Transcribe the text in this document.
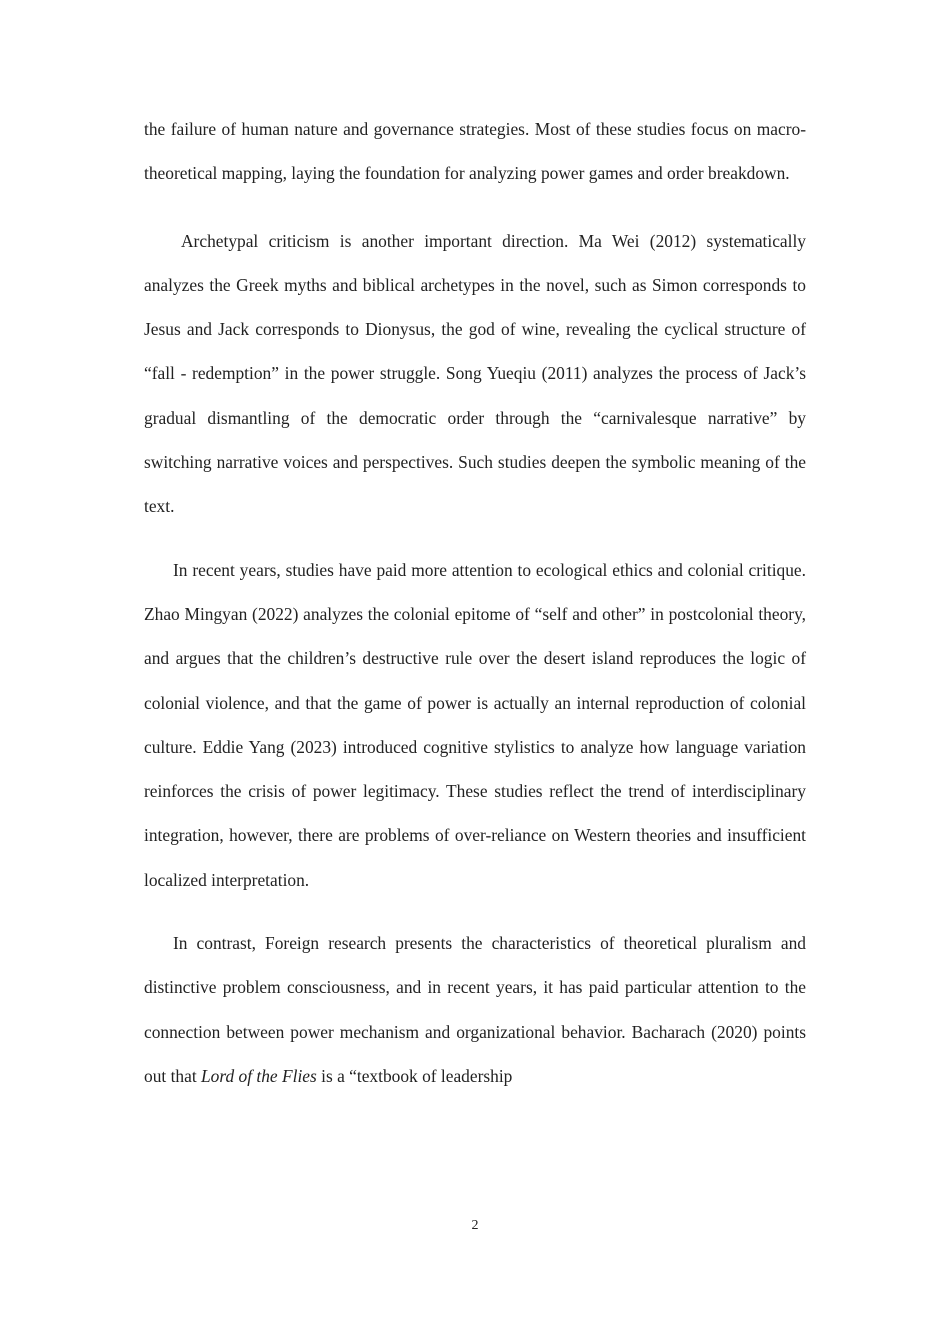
the failure of human nature and governance strategies. Most of these studies focus on macro-theoretical mapping, laying the foundation for analyzing power games and order breakdown.

Archetypal criticism is another important direction. Ma Wei (2012) systematically analyzes the Greek myths and biblical archetypes in the novel, such as Simon corresponds to Jesus and Jack corresponds to Dionysus, the god of wine, revealing the cyclical structure of “fall - redemption” in the power struggle. Song Yueqiu (2011) analyzes the process of Jack’s gradual dismantling of the democratic order through the “carnivalesque narrative” by switching narrative voices and perspectives. Such studies deepen the symbolic meaning of the text.

In recent years, studies have paid more attention to ecological ethics and colonial critique. Zhao Mingyan (2022) analyzes the colonial epitome of “self and other” in postcolonial theory, and argues that the children’s destructive rule over the desert island reproduces the logic of colonial violence, and that the game of power is actually an internal reproduction of colonial culture. Eddie Yang (2023) introduced cognitive stylistics to analyze how language variation reinforces the crisis of power legitimacy. These studies reflect the trend of interdisciplinary integration, however, there are problems of over-reliance on Western theories and insufficient localized interpretation.

In contrast, Foreign research presents the characteristics of theoretical pluralism and distinctive problem consciousness, and in recent years, it has paid particular attention to the connection between power mechanism and organizational behavior. Bacharach (2020) points out that Lord of the Flies is a “textbook of leadership

2
